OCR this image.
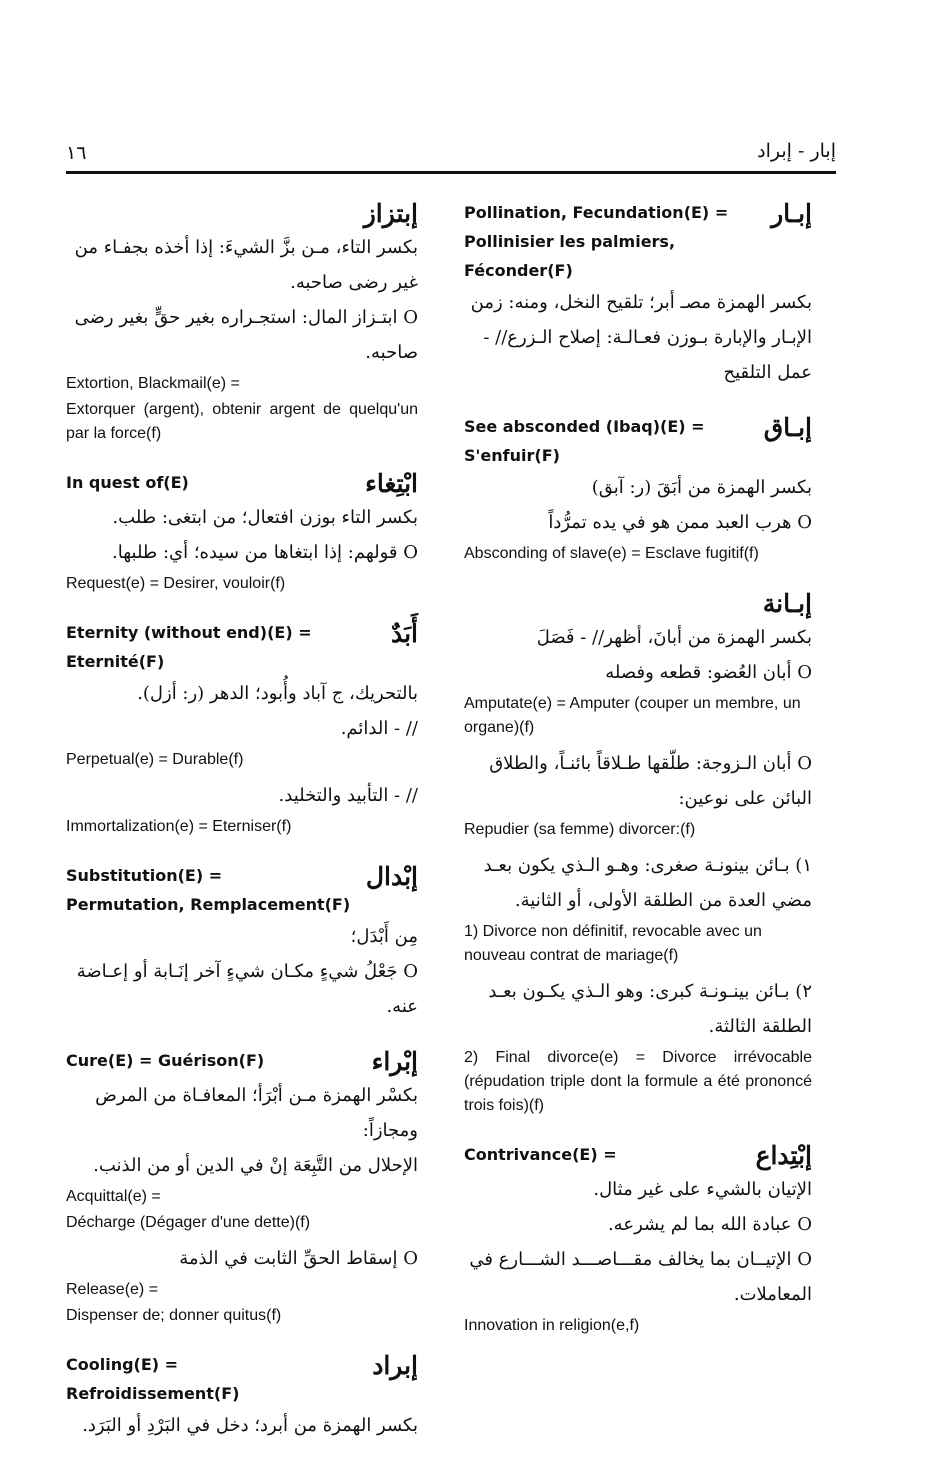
١٦	إبار - إبراد
إبـار
Pollination, Fecundation(E) =
Pollinisier les palmiers, Féconder(F)
بكسر الهمزة مصـ أبر؛ تلقيح النخل، ومنه: زمن
الإبـار والإبارة بـوزن فعـالـة: إصلاح الـزرع// -
عمل التلقيح
إبـاق
See absconded (Ibaq)(E) =
S'enfuir(F)
بكسر الهمزة من أبَقَ (ر: آبق)
O هرب العبد ممن هو في يده تمرُّداً
Absconding of slave(e) = Esclave fugitif(f)
إبـانة
بكسر الهمزة من أبانَ، أظهر// - فَصَلَ
O أبان العُضو: قطعه وفصله
Amputate(e) = Amputer (couper un membre, un organe)(f)
O أبان الـزوجة: طلّقها طـلاقاً بائنـاً، والطلاق
البائن على نوعين:
Repudier (sa femme) divorcer:(f)
١) بـائن بينونـة صغرى: وهـو الـذي يكون بعـد
مضي العدة من الطلقة الأولى، أو الثانية.
1) Divorce non définitif, revocable avec un nouveau contrat de mariage(f)
٢) بـائن بينـونـة كبرى: وهو الـذي يكـون بعـد
الطلقة الثالثة.
2) Final divorce(e) = Divorce irrévocable (répudation triple dont la formule a été prononcé trois fois)(f)
إبْتِداع
Contrivance(E) =
الإتيان بالشيء على غير مثال.
O عبادة الله بما لم يشرعه.
O الإتيــان بما يخالف مقـــاصـــد الشـــارع في
المعاملات.
Innovation in religion(e,f)
إبتزاز
بكسر التاء، مـن بزَّ الشيءَ: إذا أخذه بجفـاء من
غير رضى صاحبه.
O ابتـزاز المال: استجـراره بغير حقٍّ بغير رضى
صاحبه.
Extortion, Blackmail(e) =
Extorquer (argent), obtenir argent de quelqu'un par la force(f)
ابْتِغاء
In quest of(E)
بكسر التاء بوزن افتعال؛ من ابتغى: طلب.
O قولهم: إذا ابتغاها من سيده؛ أي: طلبها.
Request(e) = Desirer, vouloir(f)
أَبَدٌ
Eternity (without end)(E) = Eternité(F)
بالتحريك، ج آباد وأُبود؛ الدهر (ر: أزل).
// - الدائم.
Perpetual(e) = Durable(f)
// - التأبيد والتخليد.
Immortalization(e) = Eterniser(f)
إبْدال
Substitution(E) =
Permutation, Remplacement(F)
مِن أَبْدَل؛
O جَعْلُ شيءٍ مكـان شيءٍ آخر إنَـابة أو إعـاضة
عنه.
إبْراء
Cure(E) = Guérison(F)
بكسْر الهمزة مـن أبْرَأ؛ المعافـاة من المرض ومجازاً:
الإحلال من التَّبِعَة إنْ في الدين أو من الذنب.
Acquittal(e) =
Décharge (Dégager d'une dette)(f)
O إسقاط الحقِّ الثابت في الذمة
Release(e) =
Dispenser de; donner quitus(f)
إبراد
Cooling(E) =
Refroidissement(F)
بكسر الهمزة من أبرد؛ دخل في البَرْدِ أو البَرَد.
